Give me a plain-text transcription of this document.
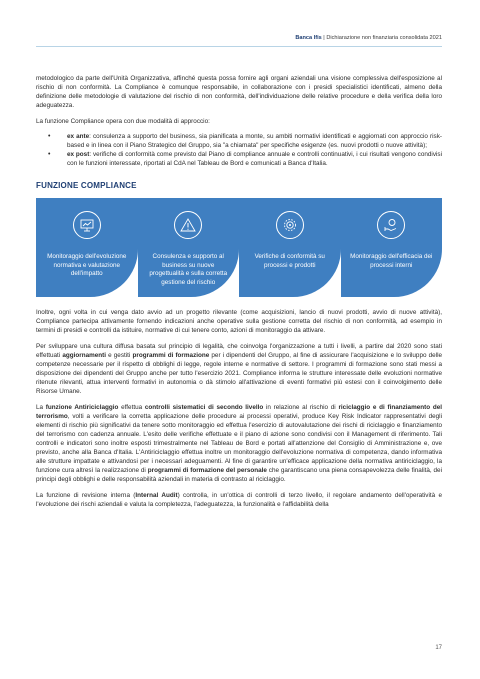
Banca Ifis | Dichiarazione non finanziaria consolidata 2021

metodologico da parte dell'Unità Organizzativa, affinché questa possa fornire agli organi aziendali una visione complessiva dell'esposizione al rischio di non conformità. La Compliance è comunque responsabile, in collaborazione con i presidi specialistici identificati, almeno della definizione delle metodologie di valutazione del rischio di non conformità, dell'individuazione delle relative procedure e della verifica della loro adeguatezza.

La funzione Compliance opera con due modalità di approccio:

•	ex ante: consulenza a supporto del business, sia pianificata a monte, su ambiti normativi identificati e aggiornati con approccio risk-based e in linea con il Piano Strategico del Gruppo, sia "a chiamata" per specifiche esigenze (es. nuovi prodotti o nuove attività);
•	ex post: verifiche di conformità come previsto dal Piano di compliance annuale e controlli continuativi, i cui risultati vengono condivisi con le funzioni interessate, riportati al CdA nel Tableau de Bord e comunicati a Banca d'Italia.
FUNZIONE COMPLIANCE
Monitoraggio dell'evoluzione normativa e valutazione dell'impatto
Consulenza e supporto al business su nuove progettualità e sulla corretta gestione del rischio
Verifiche di conformità su processi e prodotti
Monitoraggio dell'efficacia dei processi interni

Inoltre, ogni volta in cui venga dato avvio ad un progetto rilevante (come acquisizioni, lancio di nuovi prodotti, avvio di nuove attività), Compliance partecipa attivamente fornendo indicazioni anche operative sulla gestione corretta del rischio di non conformità, ad esempio in termini di presidi e controlli da istituire, normative di cui tenere conto, azioni di monitoraggio da attivare.

Per sviluppare una cultura diffusa basata sul principio di legalità, che coinvolga l'organizzazione a tutti i livelli, a partire dal 2020 sono stati effettuati aggiornamenti e gestiti programmi di formazione per i dipendenti del Gruppo, al fine di assicurare l'acquisizione e lo sviluppo delle competenze necessarie per il rispetto di obblighi di legge, regole interne e normative di settore. I programmi di formazione sono stati messi a disposizione dei dipendenti del Gruppo anche per tutto l'esercizio 2021. Compliance informa le strutture interessate delle evoluzioni normative ritenute rilevanti, attua interventi formativi in autonomia o dà stimolo all'attivazione di eventi formativi più estesi con il coinvolgimento delle Risorse Umane.

La funzione Antiriciclaggio effettua controlli sistematici di secondo livello in relazione al rischio di riciclaggio e di finanziamento del terrorismo, volti a verificare la corretta applicazione delle procedure ai processi operativi, produce Key Risk Indicator rappresentativi degli elementi di rischio più significativi da tenere sotto monitoraggio ed effettua l'esercizio di autovalutazione dei rischi di riciclaggio e finanziamento del terrorismo con cadenza annuale. L'esito delle verifiche effettuate e il piano di azione sono condivisi con il Management di riferimento. Tali controlli e indicatori sono inoltre esposti trimestralmente nel Tableau de Bord e portati all'attenzione del Consiglio di Amministrazione e, ove previsto, anche alla Banca d'Italia. L'Antiriciclaggio effettua inoltre un monitoraggio dell'evoluzione normativa di competenza, dando informativa alle strutture impattate e attivandosi per i necessari adeguamenti. Al fine di garantire un'efficace applicazione della normativa antiriciclaggio, la funzione cura altresì la realizzazione di programmi di formazione del personale che garantiscano una piena consapevolezza delle finalità, dei principi degli obblighi e delle responsabilità aziendali in materia di contrasto al riciclaggio.

La funzione di revisione interna (Internal Audit) controlla, in un'ottica di controlli di terzo livello, il regolare andamento dell'operatività e l'evoluzione dei rischi aziendali e valuta la completezza, l'adeguatezza, la funzionalità e l'affidabilità della

17
